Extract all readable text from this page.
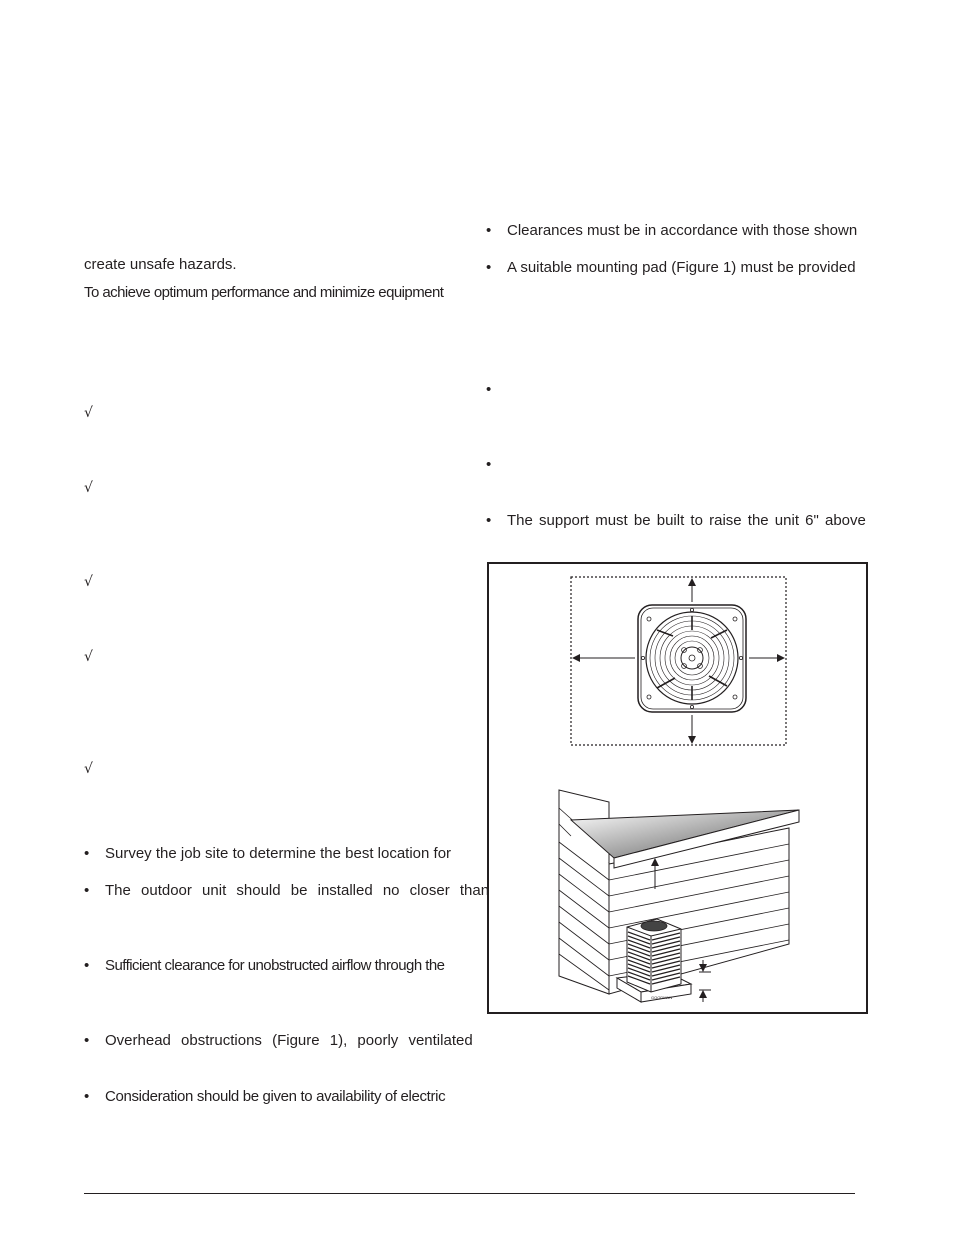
create unsafe hazards.
To achieve optimum performance and minimize equipment
√
√
√
√
√
• Survey the job site to determine the best location for
• The outdoor unit should be installed no closer than
• Sufficient clearance for unobstructed airflow through the
• Overhead obstructions (Figure 1), poorly ventilated
• Consideration should be given to availability of electric
• Clearances must be in accordance with those shown
• A suitable mounting pad (Figure 1) must be provided
•
•
• The support must be built to raise the unit 6" above
GOODMAN
